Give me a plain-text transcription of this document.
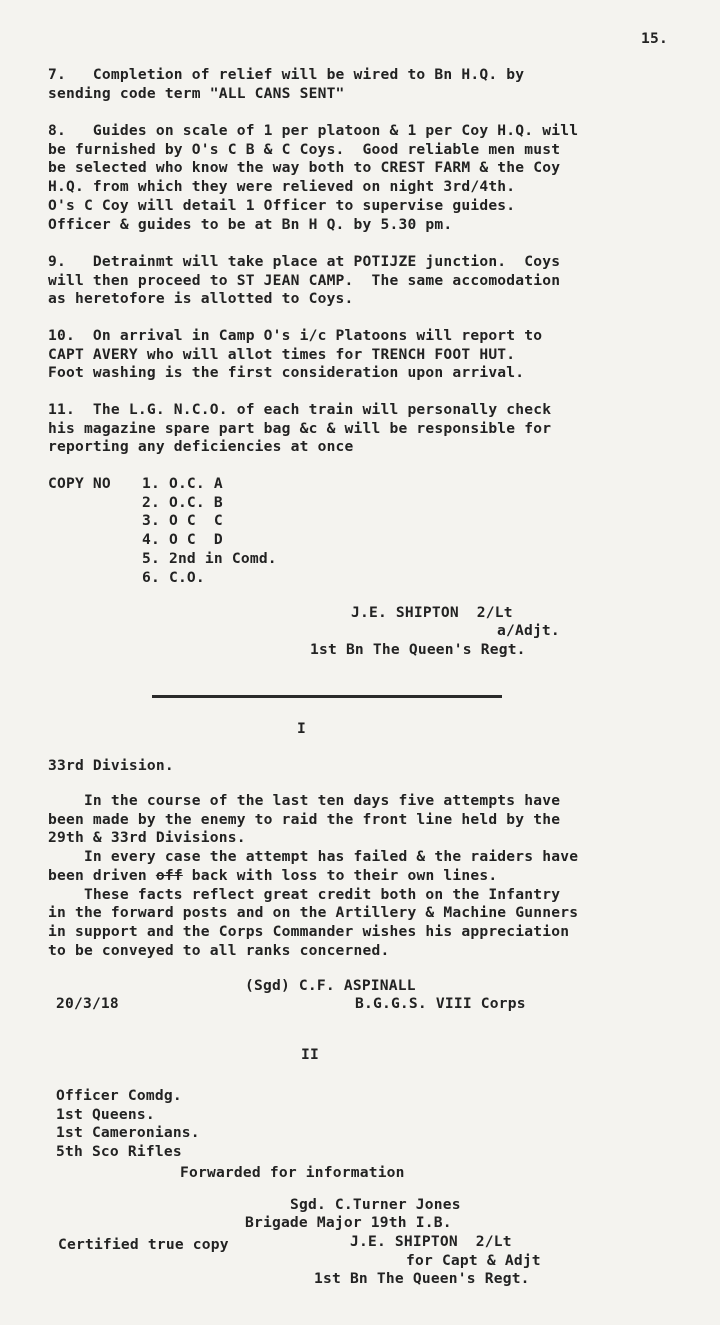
15.
7.   Completion of relief will be wired to Bn H.Q. by
sending code term "ALL CANS SENT"
8.   Guides on scale of 1 per platoon & 1 per Coy H.Q. will
be furnished by O's C B & C Coys.  Good reliable men must
be selected who know the way both to CREST FARM & the Coy
H.Q. from which they were relieved on night 3rd/4th.
O's C Coy will detail 1 Officer to supervise guides.
Officer & guides to be at Bn H Q. by 5.30 pm.
9.   Detrainmt will take place at POTIJZE junction.  Coys
will then proceed to ST JEAN CAMP.  The same accomodation
as heretofore is allotted to Coys.
10.  On arrival in Camp O's i/c Platoons will report to
CAPT AVERY who will allot times for TRENCH FOOT HUT.
Foot washing is the first consideration upon arrival.
11.  The L.G. N.C.O. of each train will personally check
his magazine spare part bag &c & will be responsible for
reporting any deficiencies at once
COPY NO 1. O.C. A
2. O.C. B
3. O C  C
4. O C  D
5. 2nd in Comd.
6. C.O.
J.E. SHIPTON  2/Lt
a/Adjt.
1st Bn The Queen's Regt.
I
33rd Division.
In the course of the last ten days five attempts have
been made by the enemy to raid the front line held by the
29th & 33rd Divisions.
In every case the attempt has failed & the raiders have
been driven off back with loss to their own lines.
These facts reflect great credit both on the Infantry
in the forward posts and on the Artillery & Machine Gunners
in support and the Corps Commander wishes his appreciation
to be conveyed to all ranks concerned.
(Sgd) C.F. ASPINALL
20/3/18	B.G.G.S. VIII Corps
II
Officer Comdg.
1st Queens.
1st Cameronians.
5th Sco Rifles
Forwarded for information
Sgd. C.Turner Jones
Brigade Major 19th I.B.
Certified true copy	J.E. SHIPTON  2/Lt
for Capt & Adjt
1st Bn The Queen's Regt.
